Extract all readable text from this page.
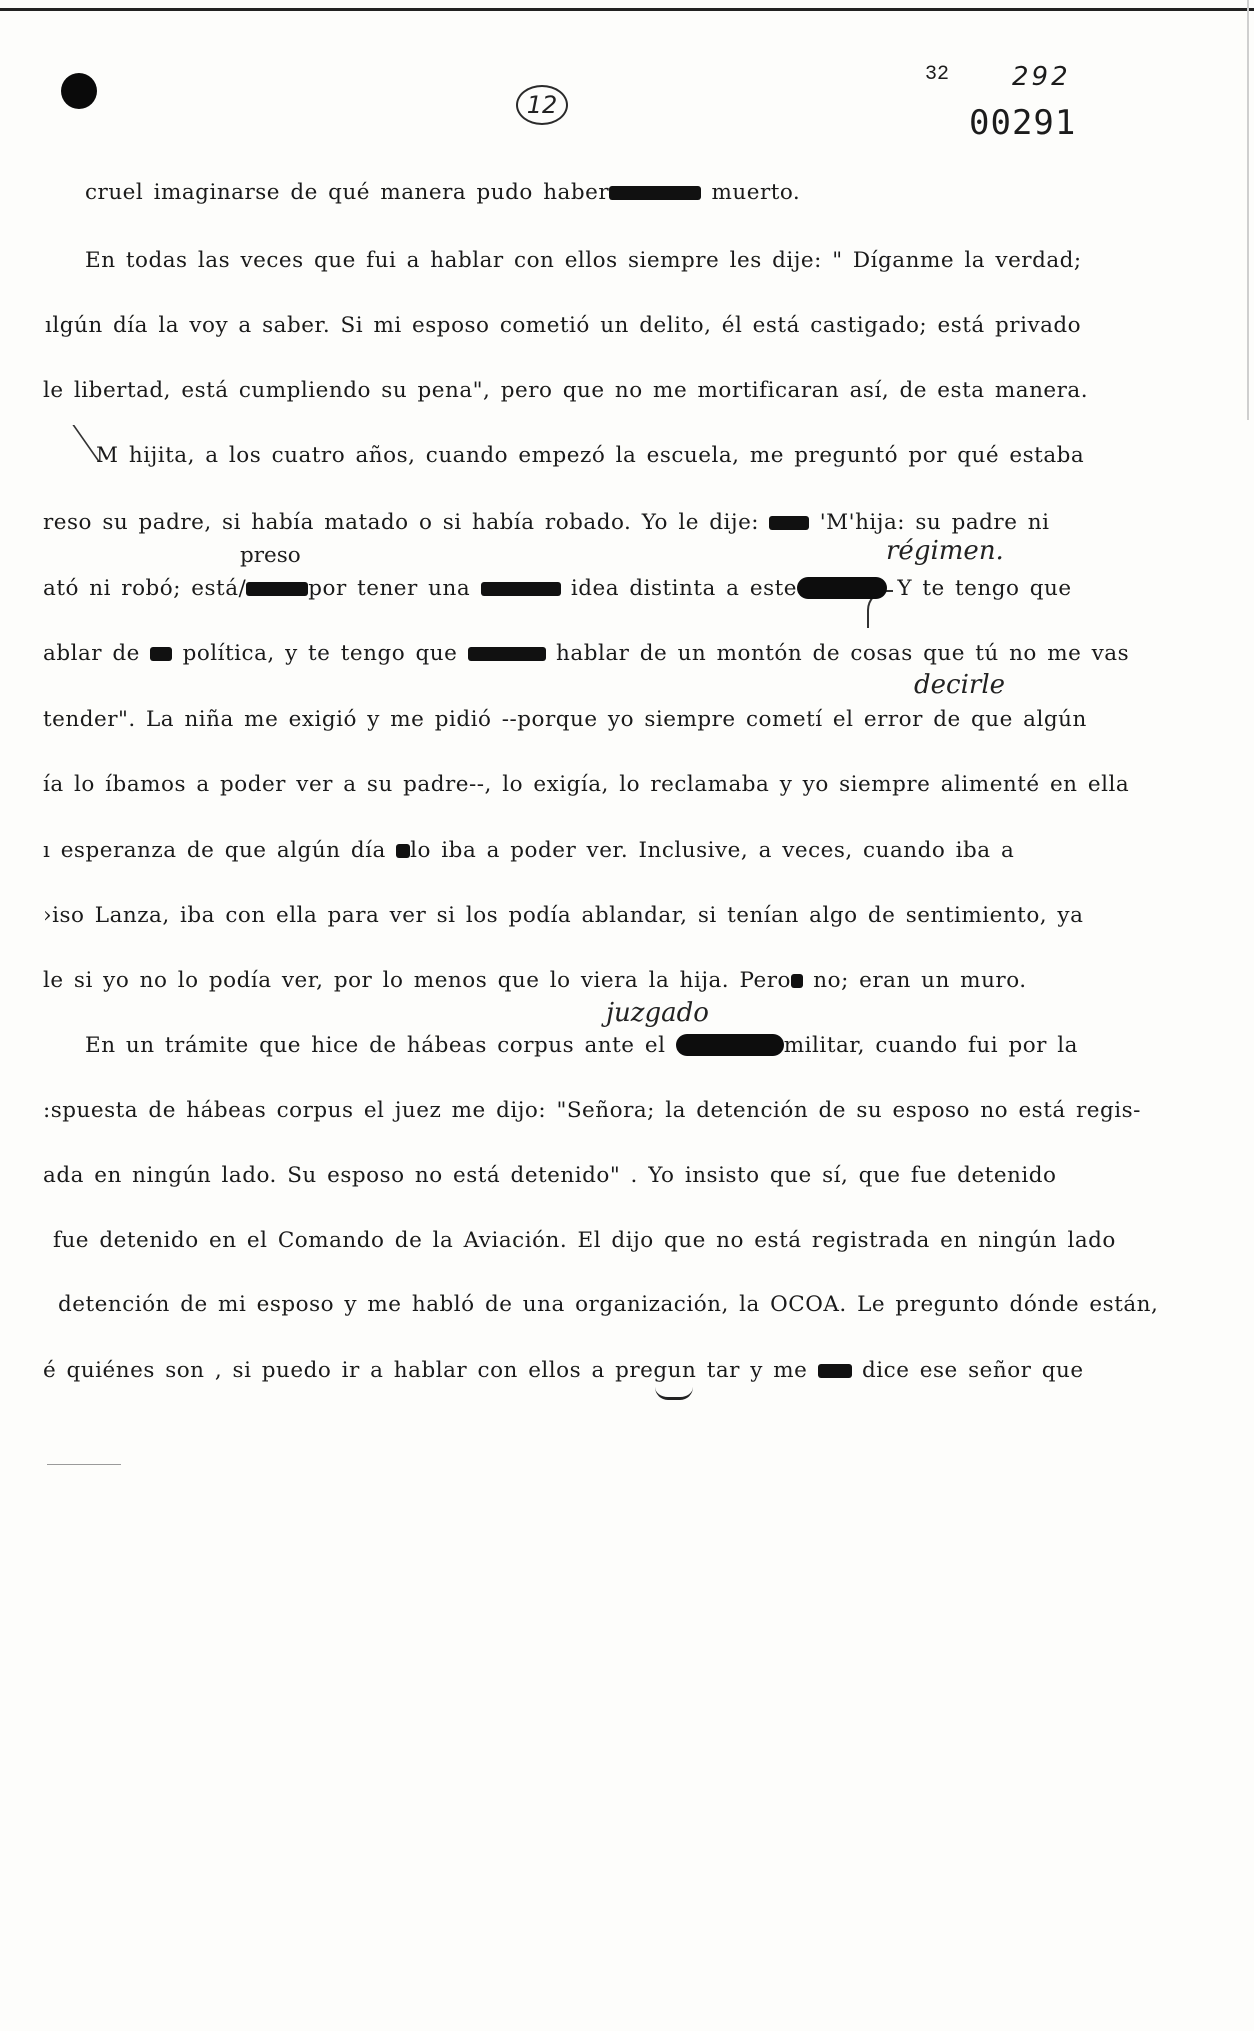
12
32 292
00291
cruel imaginarse de qué manera pudo haber	muerto.
En todas las veces que fui a hablar con ellos siempre les dije: " Díganme la verdad;
ılgún día la voy a saber. Si mi esposo cometió un delito, él está castigado; está privado
le libertad, está cumpliendo su pena", pero que no me mortificaran así, de esta manera.
M hijita, a los cuatro años, cuando empezó la escuela, me preguntó por qué estaba
reso su padre, si había matado o si había robado. Yo le dije:	'M'hija: su padre ni
preso	régimen.
ató ni robó; está/	por tener una	idea distinta a este	Y te tengo que
ablar de política, y te tengo que	hablar de un montón de cosas que tú no me vas
decirle
tender". La niña me exigió y me pidió --porque yo siempre cometí el error de que algún
ía lo íbamos a poder ver a su padre--, lo exigía, lo reclamaba y yo siempre alimenté en ella
ı esperanza de que algún día lo iba a poder ver. Inclusive, a veces, cuando iba a
›iso Lanza, iba con ella para ver si los podía ablandar, si tenían algo de sentimiento, ya
le si yo no lo podía ver, por lo menos que lo viera la hija. Pero no; eran un muro.
juzgado
En un trámite que hice de hábeas corpus ante el	militar, cuando fui por la
:spuesta de hábeas corpus el juez me dijo: "Señora; la detención de su esposo no está regis-
ada en ningún lado. Su esposo no está detenido" . Yo insisto que sí, que fue detenido
fue detenido en el Comando de la Aviación. El dijo que no está registrada en ningún lado
detención de mi esposo y me habló de una organización, la OCOA. Le pregunto dónde están,
é quiénes son , si puedo ir a hablar con ellos a pregun tar y me	dice ese señor que
